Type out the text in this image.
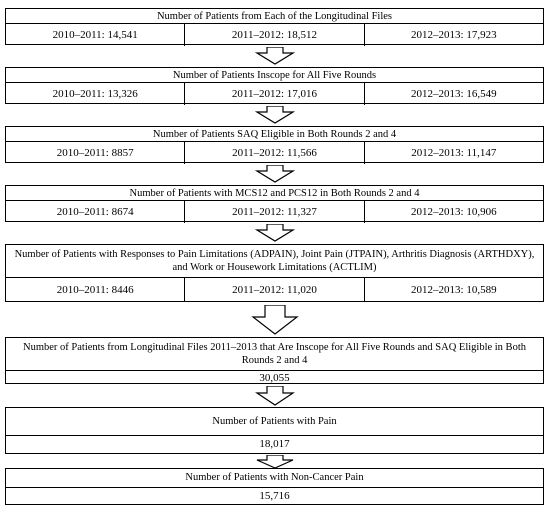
Number of Patients from Each of the Longitudinal Files
2010–2011: 14,541	2011–2012: 18,512	2012–2013: 17,923
Number of Patients Inscope for All Five Rounds
2010–2011: 13,326	2011–2012: 17,016	2012–2013: 16,549
Number of Patients SAQ Eligible in Both Rounds 2 and 4
2010–2011: 8857	2011–2012: 11,566	2012–2013: 11,147
Number of Patients with MCS12 and PCS12 in Both Rounds 2 and 4
2010–2011: 8674	2011–2012: 11,327	2012–2013: 10,906
Number of Patients with Responses to Pain Limitations (ADPAIN), Joint Pain (JTPAIN), Arthritis Diagnosis (ARTHDXY),
and Work or Housework Limitations (ACTLIM)
2010–2011: 8446	2011–2012: 11,020	2012–2013: 10,589
Number of Patients from Longitudinal Files 2011–2013 that Are Inscope for All Five Rounds and SAQ Eligible in Both
Rounds 2 and 4
30,055
Number of Patients with Pain
18,017
Number of Patients with Non-Cancer Pain
15,716
